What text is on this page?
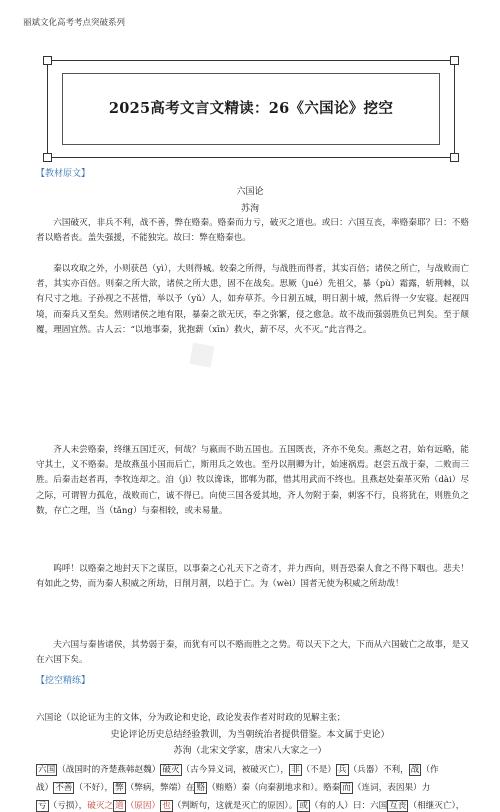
丽斌文化高考考点突破系列
2025高考文言文精读：26《六国论》挖空
【教材原文】
六国论
苏洵
六国破灭，非兵不利，战不善，弊在赂秦。赂秦而力亏，破灭之道也。或曰：六国互丧，率赂秦耶？曰：不赂者以赂者丧。盖失强援，不能独完。故曰：弊在赂秦也。
秦以攻取之外，小则获邑（yì），大则得城。较秦之所得，与战胜而得者，其实百倍；诸侯之所亡，与战败而亡者，其实亦百倍。则秦之所大欲，诸侯之所大患，固不在战矣。思厥（jué）先祖父，暴（pù）霜露，斩荆棘，以有尺寸之地。子孙视之不甚惜，举以予（yǔ）人，如弃草芥。今日割五城，明日割十城，然后得一夕安寝。起视四境，而秦兵又至矣。然则诸侯之地有限，暴秦之欲无厌，奉之弥繁，侵之愈急。故不战而强弱胜负已判矣。至于颠覆，理固宜然。古人云：“以地事秦，犹抱薪（xīn）救火，薪不尽，火不灭。”此言得之。
齐人未尝赂秦，终继五国迁灭，何哉？与嬴而不助五国也。五国既丧，齐亦不免矣。燕赵之君，始有远略，能守其土，义不赂秦。是故燕虽小国而后亡，斯用兵之效也。至丹以荆卿为计，始速祸焉。赵尝五战于秦，二败而三胜。后秦击赵者再，李牧连却之。洎（jì）牧以谗诛，邯郸为郡，惜其用武而不终也。且燕赵处秦革灭殆（dài）尽之际，可谓智力孤危，战败而亡，诚不得已。向使三国各爱其地，齐人勿附于秦，刺客不行，良将犹在，则胜负之数，存亡之理，当（tǎng）与秦相较，或未易量。
呜呼！以赂秦之地封天下之谋臣，以事秦之心礼天下之奇才，并力西向，则吾恐秦人食之不得下咽也。悲夫！有如此之势，而为秦人积威之所劫，日削月割，以趋于亡。为（wèi）国者无使为积威之所劫哉！
夫六国与秦皆诸侯，其势弱于秦，而犹有可以不赂而胜之之势。苟以天下之大，下而从六国破亡之故事，是又在六国下矣。
◆
【挖空精练】
六国论（以论证为主的文体，分为政论和史论，政论发表作者对时政的见解主张；
史论评论历史总结经验教训，为当朝统治者提供借鉴。本文属于史论）
苏洵（北宋文学家，唐宋八大家之一）
六国 （战国时的齐楚燕韩赵魏） 破灭 （古今异义词，被破灭亡）， 非 （不是） 兵 （兵器）不利， 战 （作
战） 不善 （不好）， 弊 （弊病，弊端）在 赂 （贿赂）秦（向秦割地求和）。赂秦 而 （连词，表因果）力
亏 （亏损），破灭之 道 （原因） 也 （判断句，这就是灭亡的原因）。 或 （有的人）曰：六国 互丧 （相继灭亡），
